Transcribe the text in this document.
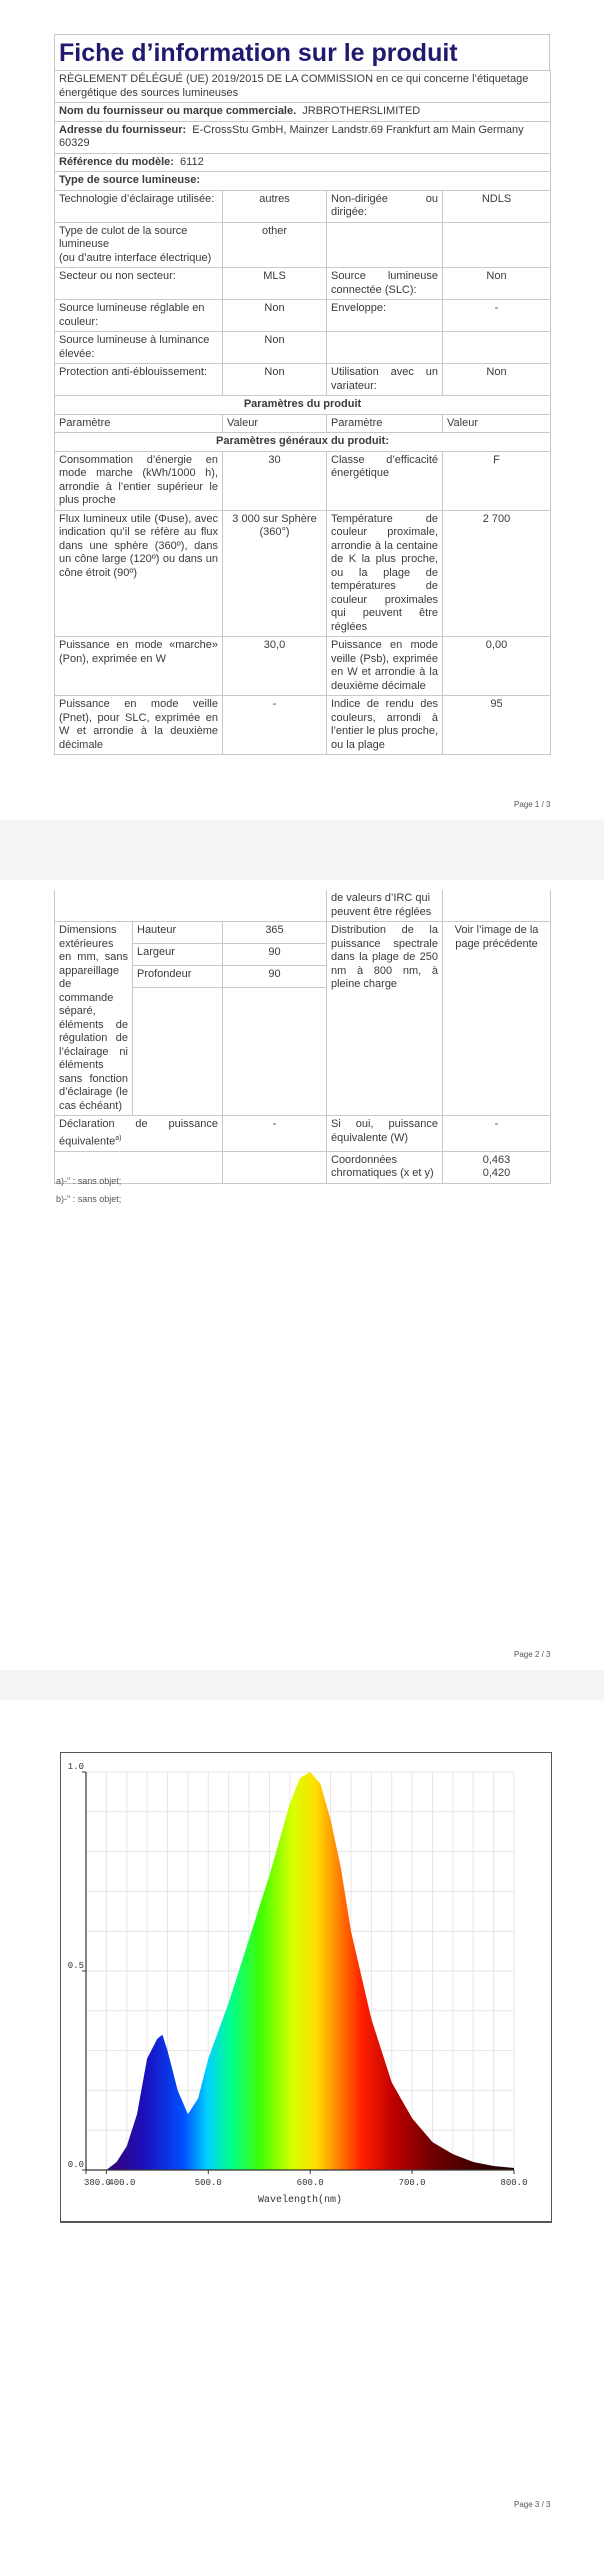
Fiche d’information sur le produit
RÈGLEMENT DÉLÉGUÉ (UE) 2019/2015 DE LA COMMISSION en ce qui concerne l’étiquetage énergétique des sources lumineuses			
Nom du fournisseur ou marque commerciale. JRBROTHERSLIMITED			
Adresse du fournisseur: E-CrossStu GmbH, Mainzer Landstr.69 Frankfurt am Main Germany 60329			
Référence du modèle: 6112			
Type de source lumineuse:			
Technologie d’éclairage utilisée:	autres	Non-dirigée ou dirigée:	NDLS

Type de culot de la source lumineuse
(ou d’autre interface électrique)	other		
Secteur ou non secteur:	MLS	Source lumineuse connectée (SLC):	Non
Source lumineuse réglable en couleur:	Non	Enveloppe:	-
Source lumineuse à luminance élevée:	Non		
Protection anti-éblouissement:	Non	Utilisation avec un variateur:	Non
Paramètres du produit			
Paramètre	Valeur	Paramètre	Valeur
Paramètres généraux du produit:			
Consommation d’énergie en mode marche (kWh/1000 h), arrondie à l’entier supérieur le plus proche	30	Classe d’efficacité énergétique	F
Flux lumineux utile (Φuse), avec indication qu’il se réfère au flux dans une sphère (360º), dans un cône large (120º) ou dans un cône étroit (90º)	3 000 sur Sphère (360°)	Température de couleur proximale, arrondie à la centaine de K la plus proche, ou la plage de températures de couleur proximales qui peuvent être réglées	2 700
Puissance en mode «marche» (Pon), exprimée en W	30,0	Puissance en mode veille (Psb), exprimée en W et arrondie à la deuxième décimale	0,00
Puissance en mode veille (Pnet), pour SLC, exprimée en W et arrondie à la deuxième décimale	-	Indice de rendu des couleurs, arrondi à l’entier le plus proche, ou la plage	95
Page 1 / 3
			de valeurs d’IRC qui peuvent être réglées	
Dimensions extérieures en mm, sans appareillage de commande séparé, éléments de régulation de l’éclairage ni éléments sans fonction d’éclairage (le cas échéant)	Hauteur	365	Distribution de la puissance spectrale dans la plage de 250 nm à 800 nm, à pleine charge	Voir l’image de la page précédente
	Largeur	90		
	Profondeur	90		

Déclaration de puissance équivalente$^{a)}$		-	Si oui, puissance équivalente (W)	-
			Coordonnées chromatiques (x et y)	0,463
0,420
a)-" : sans objet;
b)-" : sans objet;
Page 2 / 3
0.0
0.5
1.0
380.0
400.0	500.0	600.0	700.0	800.0
Wavelength(nm)
Page 3 / 3
